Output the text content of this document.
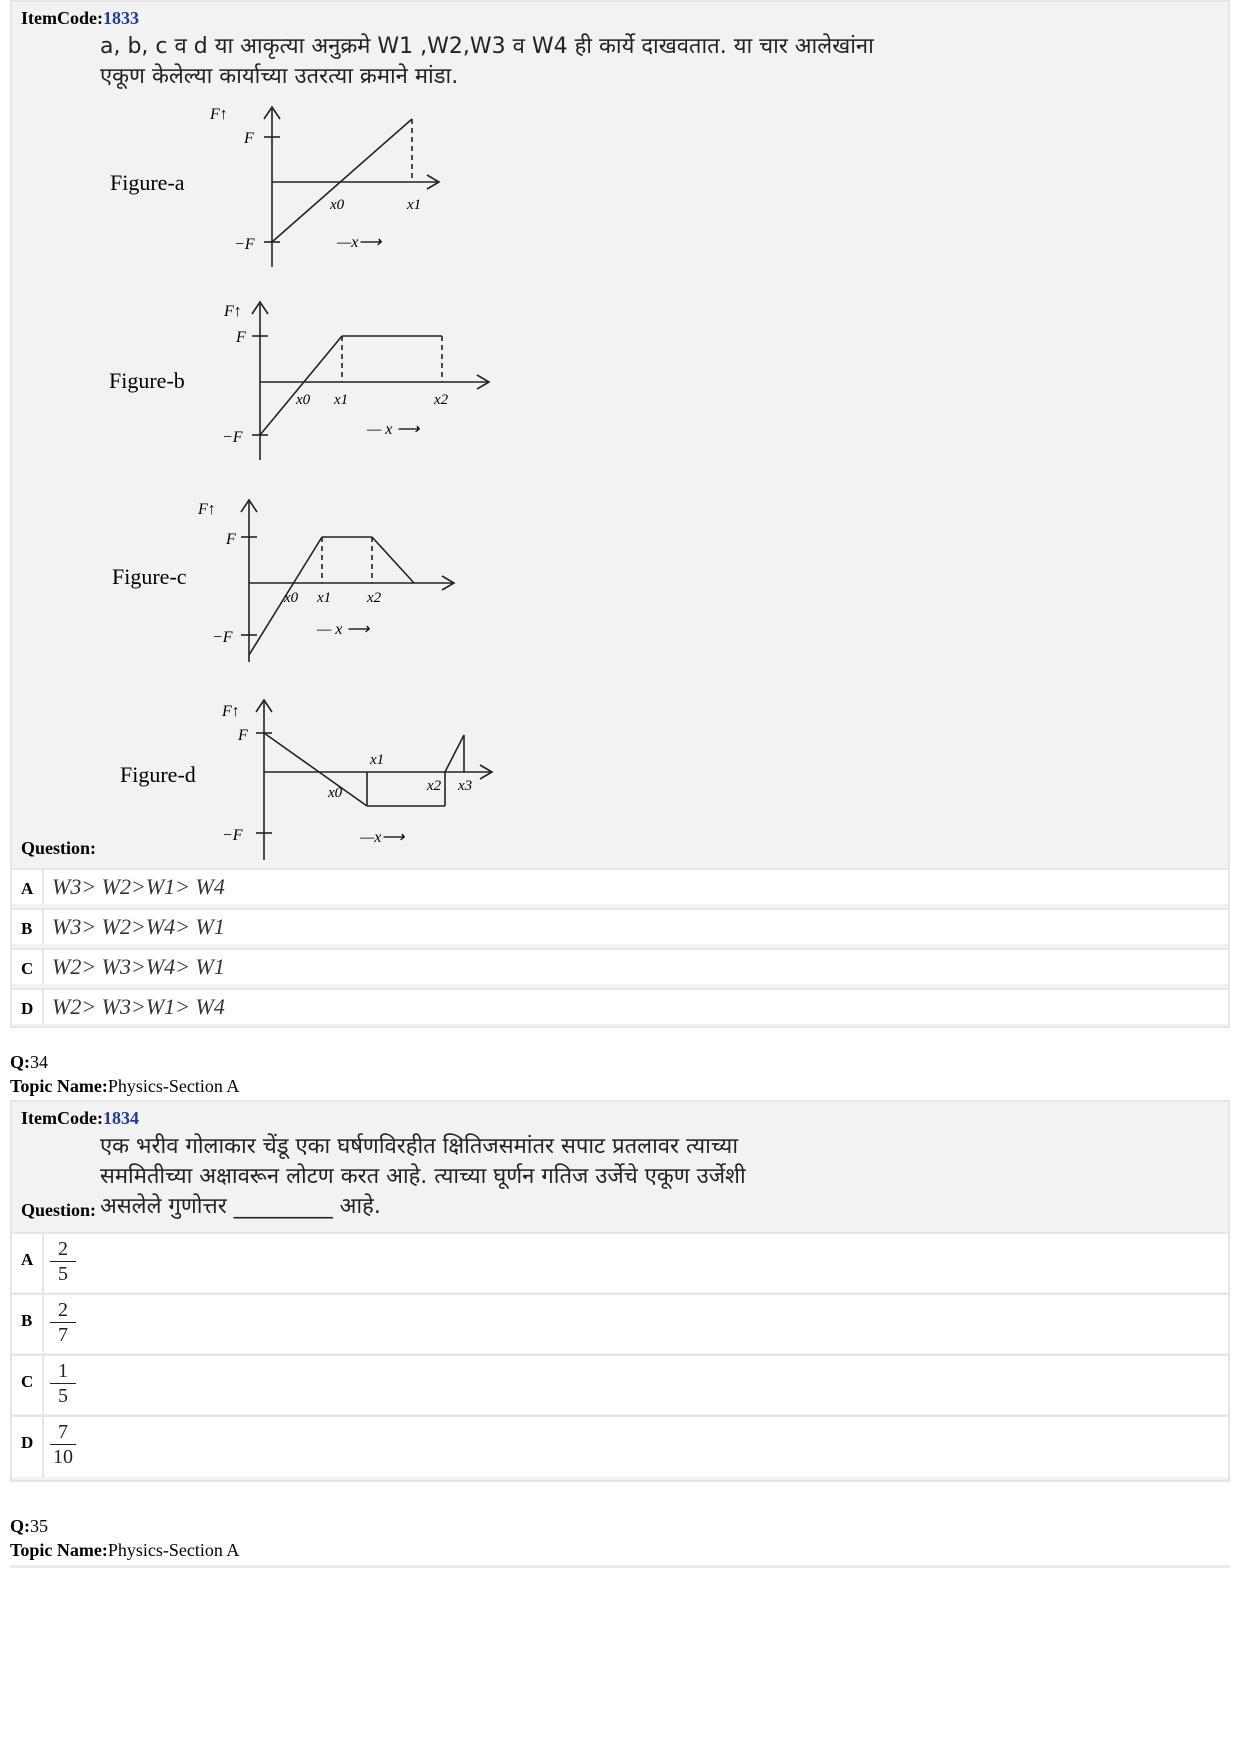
ItemCode:1833
a, b, c व d या आकृत्या अनुक्रमे W1 ,W2,W3 व W4 ही कार्ये दाखवतात. या चार आलेखांना
एकूण केलेल्या कार्याच्या उतरत्या क्रमाने मांडा.
Figure-a
F↑
F
−F
x0	x1
—x⟶
Figure-b
F↑
F
−F
x0 x1	x2
— x ⟶
Figure-c
F↑
F
−F
x0 x1 x2
— x ⟶
Figure-d
F↑
F
−F
x0
x1
x2 x3
—x⟶
Question:
A W3> W2>W1> W4
B W3> W2>W4> W1
C W2> W3>W4> W1
D W2> W3>W1> W4
Q:34
Topic Name:Physics-Section A
ItemCode:1834
एक भरीव गोलाकार चेंडू एका घर्षणविरहीत क्षितिजसमांतर सपाट प्रतलावर त्याच्या
सममितीच्या अक्षावरून लोटण करत आहे. त्याच्या घूर्णन गतिज उर्जेचे एकूण उर्जेशी
असलेले गुणोत्तर _________ आहे.
Question:
A	2
5
B	2
7
C	1
5
D	7
10
Q:35
Topic Name:Physics-Section A
